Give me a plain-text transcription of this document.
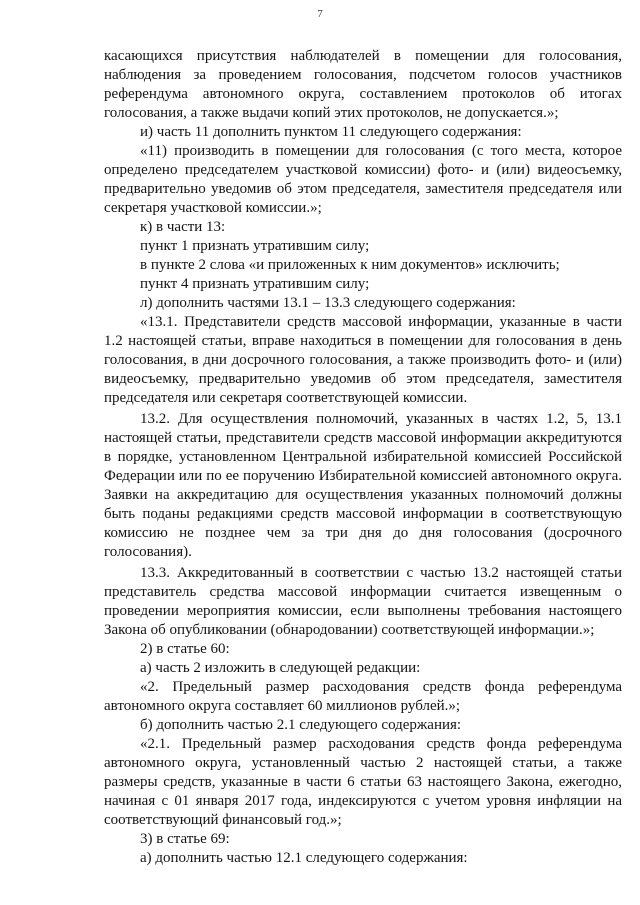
7

касающихся присутствия наблюдателей в помещении для голосования, наблюдения за проведением голосования, подсчетом голосов участников референдума автономного округа, составлением протоколов об итогах голосования, а также выдачи копий этих протоколов, не допускается.»;

и) часть 11 дополнить пунктом 11 следующего содержания:

«11) производить в помещении для голосования (с того места, которое определено председателем участковой комиссии) фото- и (или) видеосъемку, предварительно уведомив об этом председателя, заместителя председателя или секретаря участковой комиссии.»;

к) в части 13:

пункт 1 признать утратившим силу;

в пункте 2 слова «и приложенных к ним документов» исключить;

пункт 4 признать утратившим силу;

л) дополнить частями 13.1 – 13.3 следующего содержания:

«13.1. Представители средств массовой информации, указанные в части 1.2 настоящей статьи, вправе находиться в помещении для голосования в день голосования, в дни досрочного голосования, а также производить фото- и (или) видеосъемку, предварительно уведомив об этом председателя, заместителя председателя или секретаря соответствующей комиссии.

13.2. Для осуществления полномочий, указанных в частях 1.2, 5, 13.1 настоящей статьи, представители средств массовой информации аккредитуются в порядке, установленном Центральной избирательной комиссией Российской Федерации или по ее поручению Избирательной комиссией автономного округа. Заявки на аккредитацию для осуществления указанных полномочий должны быть поданы редакциями средств массовой информации в соответствующую комиссию не позднее чем за три дня до дня голосования (досрочного голосования).

13.3. Аккредитованный в соответствии с частью 13.2 настоящей статьи представитель средства массовой информации считается извещенным о проведении мероприятия комиссии, если выполнены требования настоящего Закона об опубликовании (обнародовании) соответствующей информации.»;

2) в статье 60:

а) часть 2 изложить в следующей редакции:

«2. Предельный размер расходования средств фонда референдума автономного округа составляет 60 миллионов рублей.»;

б) дополнить частью 2.1 следующего содержания:

«2.1. Предельный размер расходования средств фонда референдума автономного округа, установленный частью 2 настоящей статьи, а также размеры средств, указанные в части 6 статьи 63 настоящего Закона, ежегодно, начиная с 01 января 2017 года, индексируются с учетом уровня инфляции на соответствующий финансовый год.»;

3) в статье 69:

а) дополнить частью 12.1 следующего содержания:
